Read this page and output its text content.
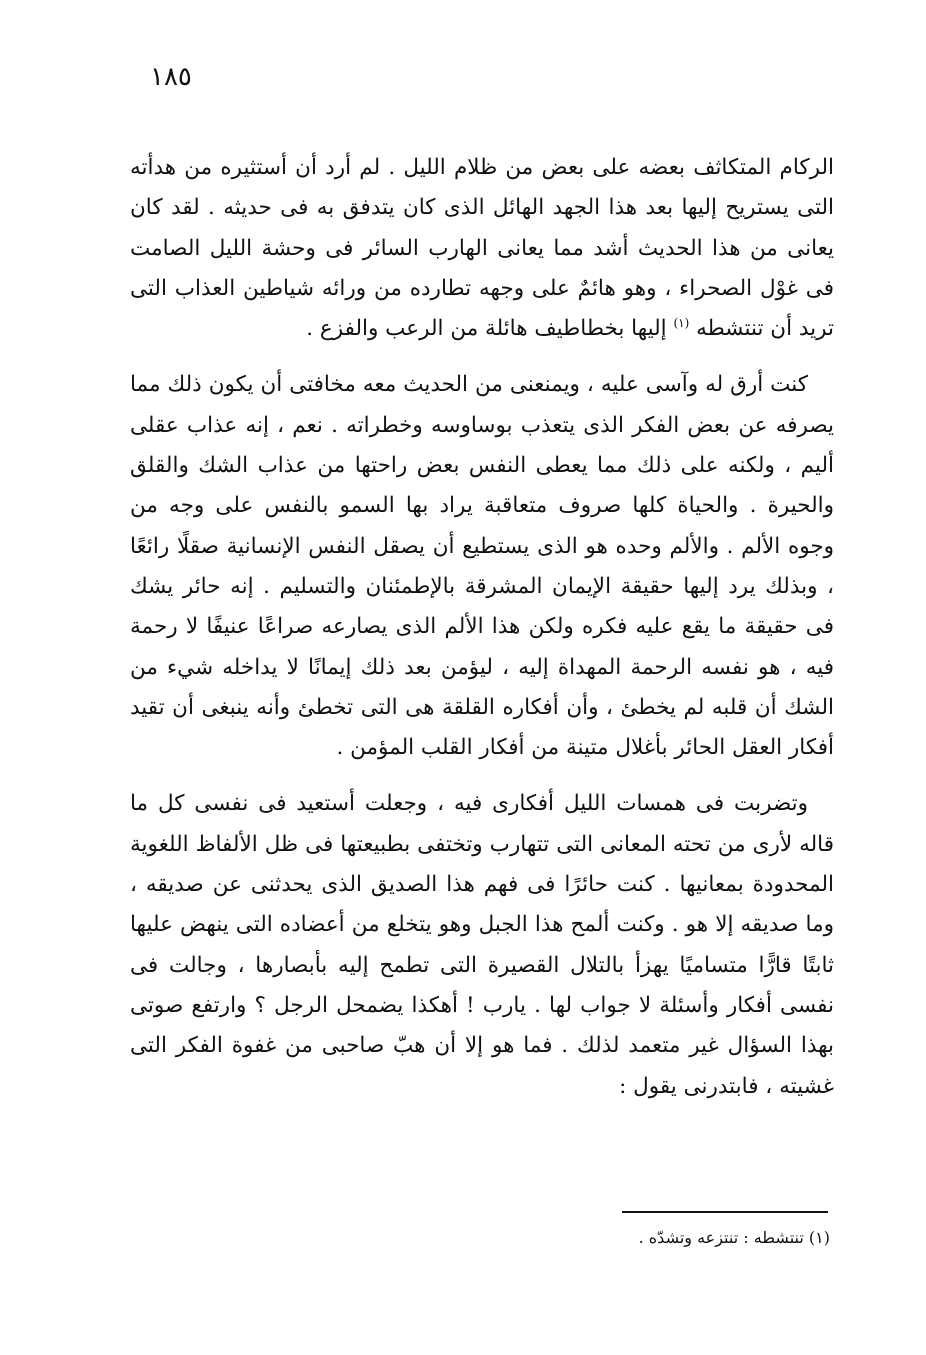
١٨٥

الركام المتكاثف بعضه على بعض من ظلام الليل . لم أرد أن أستثيره من هدأته التى يستريح إليها بعد هذا الجهد الهائل الذى كان يتدفق به فى حديثه . لقد كان يعانى من هذا الحديث أشد مما يعانى الهارب السائر فى وحشة الليل الصامت فى غوْل الصحراء ، وهو هائمٌ على وجهه تطارده من ورائه شياطين العذاب التى تريد أن تنتشطه $^{(١)}$ إليها بخطاطيف هائلة من الرعب والفزع .

كنت أرق له وآسى عليه ، ويمنعنى من الحديث معه مخافتى أن يكون ذلك مما يصرفه عن بعض الفكر الذى يتعذب بوساوسه وخطراته . نعم ، إنه عذاب عقلى أليم ، ولكنه على ذلك مما يعطى النفس بعض راحتها من عذاب الشك والقلق والحيرة . والحياة كلها صروف متعاقبة يراد بها السمو بالنفس على وجه من وجوه الألم . والألم وحده هو الذى يستطيع أن يصقل النفس الإنسانية صقلًا رائعًا ، وبذلك يرد إليها حقيقة الإيمان المشرقة بالإطمئنان والتسليم . إنه حائر يشك فى حقيقة ما يقع عليه فكره ولكن هذا الألم الذى يصارعه صراعًا عنيفًا لا رحمة فيه ، هو نفسه الرحمة المهداة إليه ، ليؤمن بعد ذلك إيمانًا لا يداخله شيء من الشك أن قلبه لم يخطئ ، وأن أفكاره القلقة هى التى تخطئ وأنه ينبغى أن تقيد أفكار العقل الحائر بأغلال متينة من أفكار القلب المؤمن .

وتضربت فى همسات الليل أفكارى فيه ، وجعلت أستعيد فى نفسى كل ما قاله لأرى من تحته المعانى التى تتهارب وتختفى بطبيعتها فى ظل الألفاظ اللغوية المحدودة بمعانيها . كنت حائرًا فى فهم هذا الصديق الذى يحدثنى عن صديقه ، وما صديقه إلا هو . وكنت ألمح هذا الجبل وهو يتخلع من أعضاده التى ينهض عليها ثابتًا قارًّا متساميًا يهزأ بالتلال القصيرة التى تطمح إليه بأبصارها ، وجالت فى نفسى أفكار وأسئلة لا جواب لها . يارب ! أهكذا يضمحل الرجل ؟ وارتفع صوتى بهذا السؤال غير متعمد لذلك . فما هو إلا أن هبّ صاحبى من غفوة الفكر التى غشيته ، فابتدرنى يقول :

(١) تنتشطه : تنتزعه وتشدّه .
